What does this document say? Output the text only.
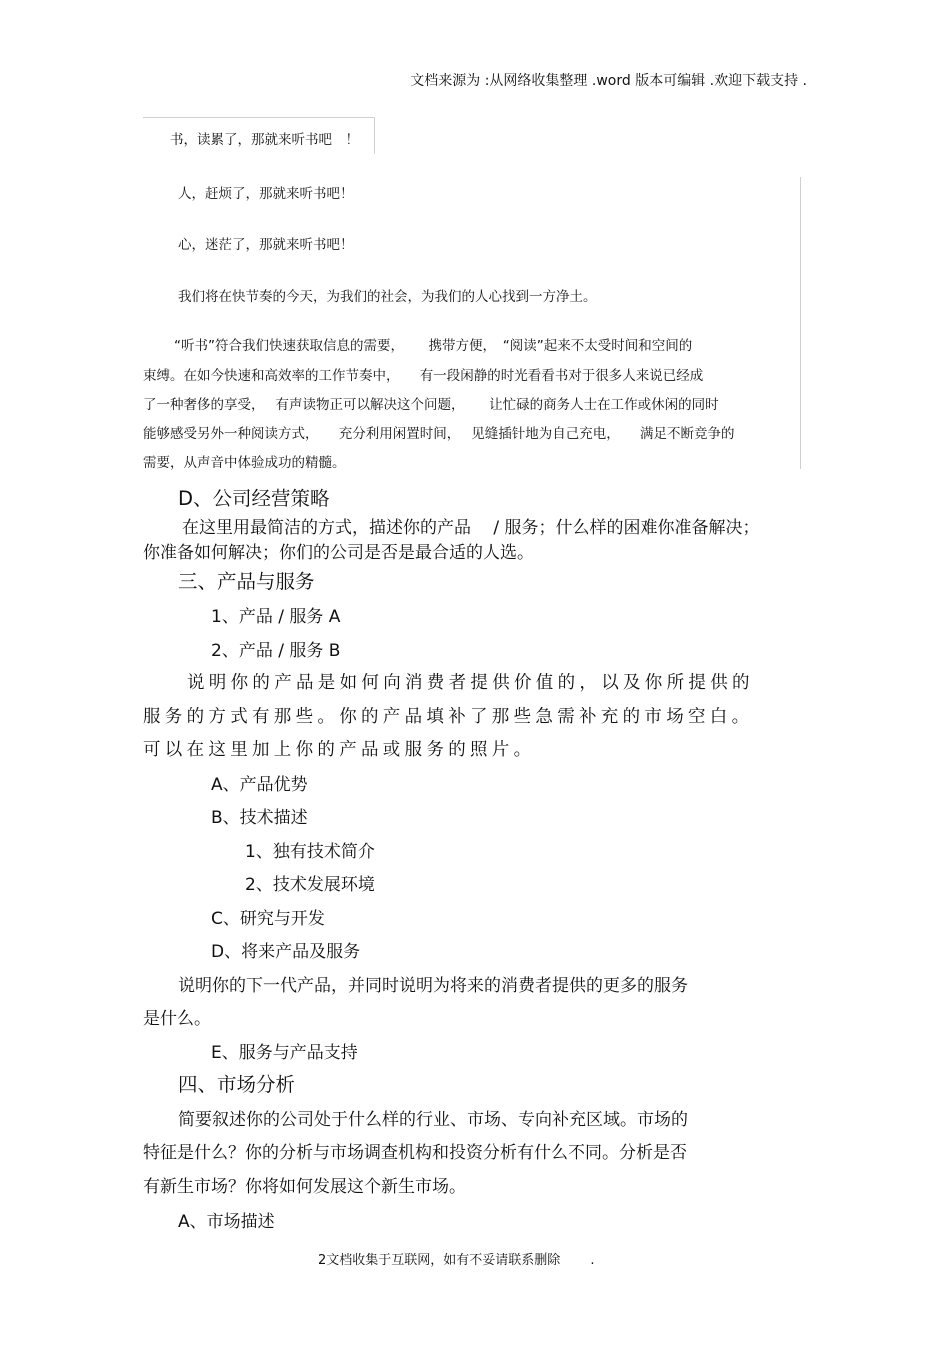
文档来源为 :从网络收集整理 .word 版本可编辑 .欢迎下载支持 .
书，读累了，那就来听书吧　！
人，赶烦了，那就来听书吧！
心，迷茫了，那就来听书吧！
我们将在快节奏的今天，为我们的社会，为我们的人心找到一方净土。
“听书”符合我们快速获取信息的需要，　　 携带方便，　“阅读”起来不太受时间和空间的
束缚。在如今快速和高效率的工作节奏中，　　有一段闲静的时光看看书对于很多人来说已经成
了一种奢侈的享受，　 有声读物正可以解决这个问题，　　 让忙碌的商务人士在工作或休闲的同时
能够感受另外一种阅读方式，　　充分利用闲置时间，　 见缝插针地为自己充电，　　满足不断竞争的
需要，从声音中体验成功的精髓。
D、公司经营策略
在这里用最简洁的方式，描述你的产品　 / 服务；什么样的困难你准备解决；
你准备如何解决；你们的公司是否是最合适的人选。
三、产品与服务
1、产品 / 服务 A
2、产品 / 服务 B
说明你的产品是如何向消费者提供价值的，以及你所提供的
服务的方式有那些。你的产品填补了那些急需补充的市场空白。
可以在这里加上你的产品或服务的照片。
A、产品优势
B、技术描述
1、独有技术简介
2、技术发展环境
C、研究与开发
D、将来产品及服务
说明你的下一代产品，并同时说明为将来的消费者提供的更多的服务
是什么。
E、服务与产品支持
四、市场分析
简要叙述你的公司处于什么样的行业、市场、专向补充区域。市场的
特征是什么？你的分析与市场调查机构和投资分析有什么不同。分析是否
有新生市场？你将如何发展这个新生市场。
A、市场描述
2文档收集于互联网，如有不妥请联系删除　　 .
